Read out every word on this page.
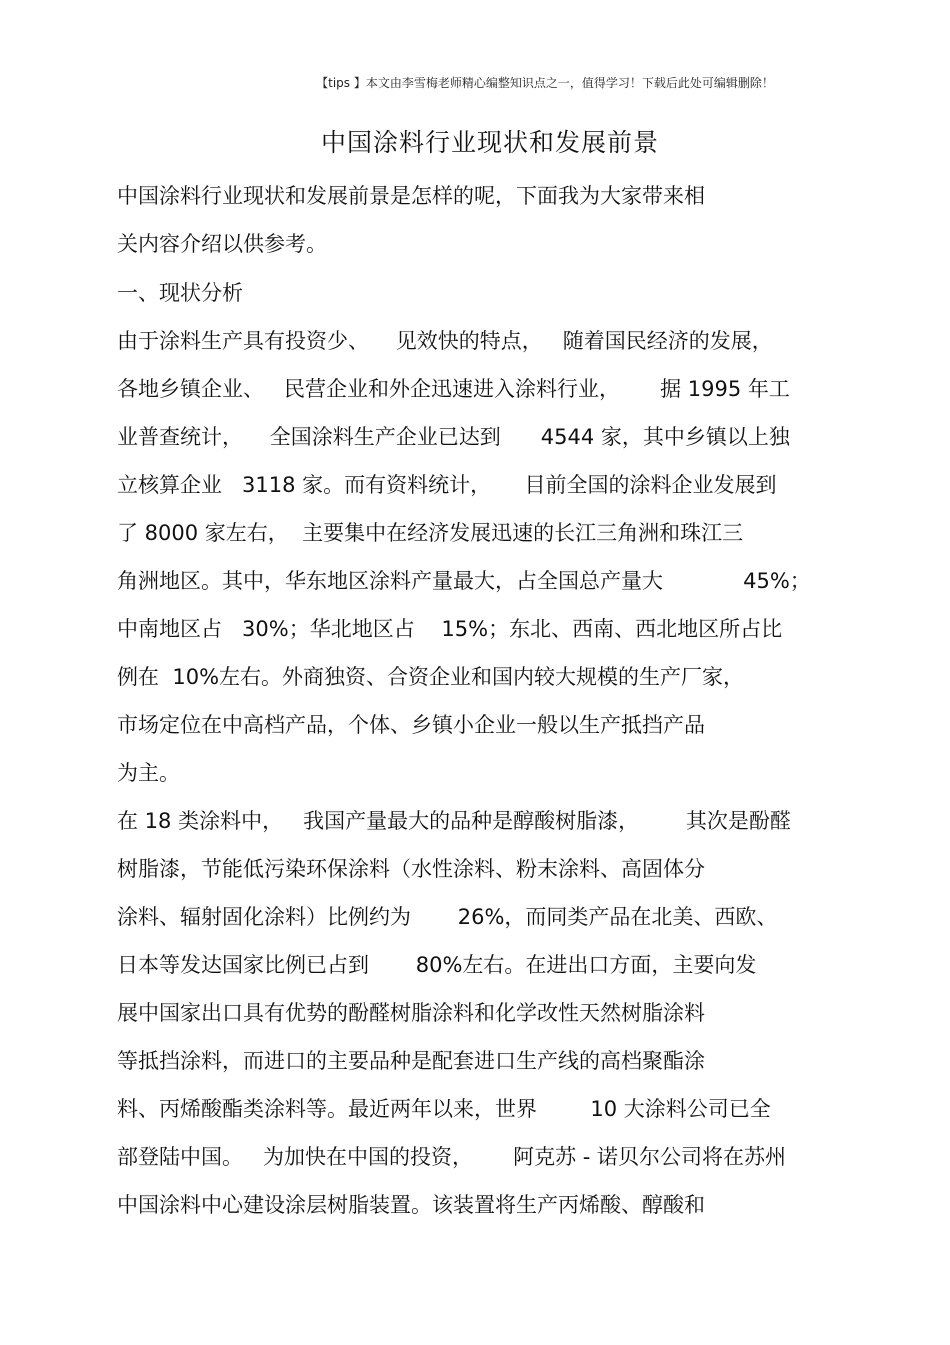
【tips 】本文由李雪梅老师精心编整知识点之一，值得学习！下载后此处可编辑删除！
中国涂料行业现状和发展前景
中国涂料行业现状和发展前景是怎样的呢，下面我为大家带来相
关内容介绍以供参考。
一、现状分析
由于涂料生产具有投资少、    见效快的特点，   随着国民经济的发展，
各地乡镇企业、   民营企业和外企迅速进入涂料行业，      据 1995 年工
业普查统计，    全国涂料生产企业已达到      4544 家，其中乡镇以上独
立核算企业   3118 家。而有资料统计，     目前全国的涂料企业发展到
了 8000 家左右，  主要集中在经济发展迅速的长江三角洲和珠江三
角洲地区。其中，华东地区涂料产量最大，占全国总产量大            45%；
中南地区占   30%；华北地区占    15%；东北、西南、西北地区所占比
例在  10%左右。外商独资、合资企业和国内较大规模的生产厂家，
市场定位在中高档产品，个体、乡镇小企业一般以生产抵挡产品
为主。
在 18 类涂料中，   我国产量最大的品种是醇酸树脂漆，       其次是酚醛
树脂漆，节能低污染环保涂料（水性涂料、粉末涂料、高固体分
涂料、辐射固化涂料）比例约为       26%，而同类产品在北美、西欧、
日本等发达国家比例已占到       80%左右。在进出口方面，主要向发
展中国家出口具有优势的酚醛树脂涂料和化学改性天然树脂涂料
等抵挡涂料，而进口的主要品种是配套进口生产线的高档聚酯涂
料、丙烯酸酯类涂料等。最近两年以来，世界        10 大涂料公司已全
部登陆中国。   为加快在中国的投资，      阿克苏 - 诺贝尔公司将在苏州
中国涂料中心建设涂层树脂装置。该装置将生产丙烯酸、醇酸和
